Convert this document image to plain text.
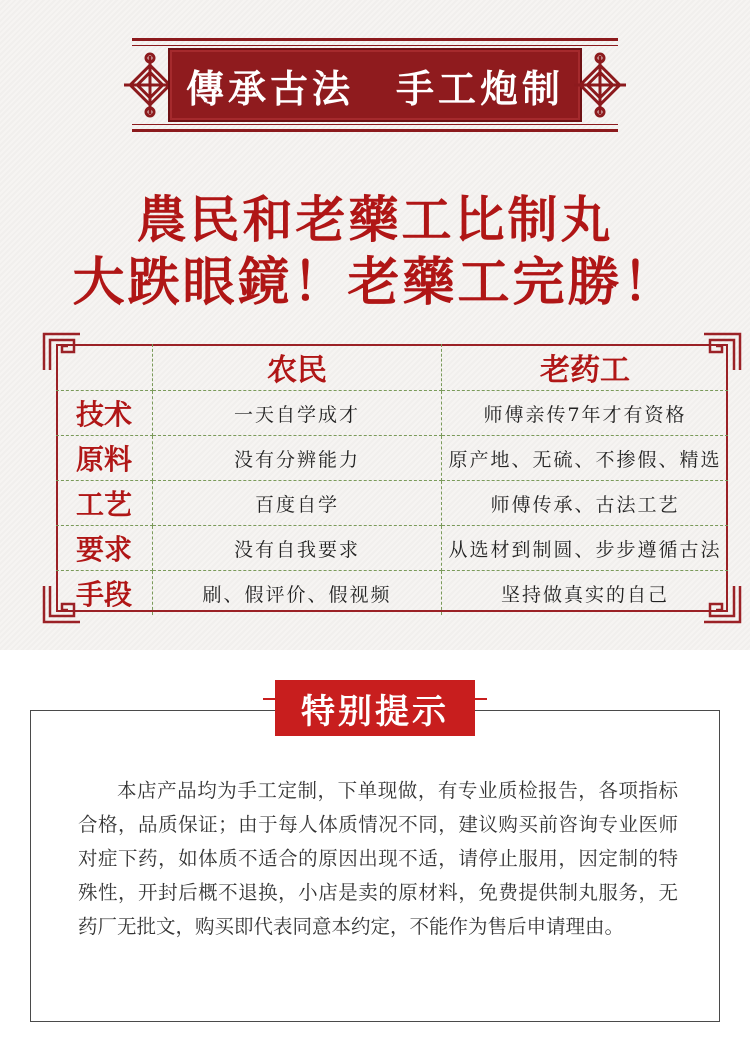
傳承古法　手工炮制
農民和老藥工比制丸
大跌眼鏡！老藥工完勝！
	农民	老药工
技术	一天自学成才	师傅亲传7年才有资格
原料	没有分辨能力	原产地、无硫、不掺假、精选
工艺	百度自学	师傅传承、古法工艺
要求	没有自我要求	从选材到制圆、步步遵循古法
手段	刷、假评价、假视频	坚持做真实的自己
特别提示
本店产品均为手工定制，下单现做，有专业质检报告，各项指标合格，品质保证；由于每人体质情况不同，建议购买前咨询专业医师对症下药，如体质不适合的原因出现不适，请停止服用，因定制的特殊性，开封后概不退换，小店是卖的原材料，免费提供制丸服务，无药厂无批文，购买即代表同意本约定，不能作为售后申请理由。
